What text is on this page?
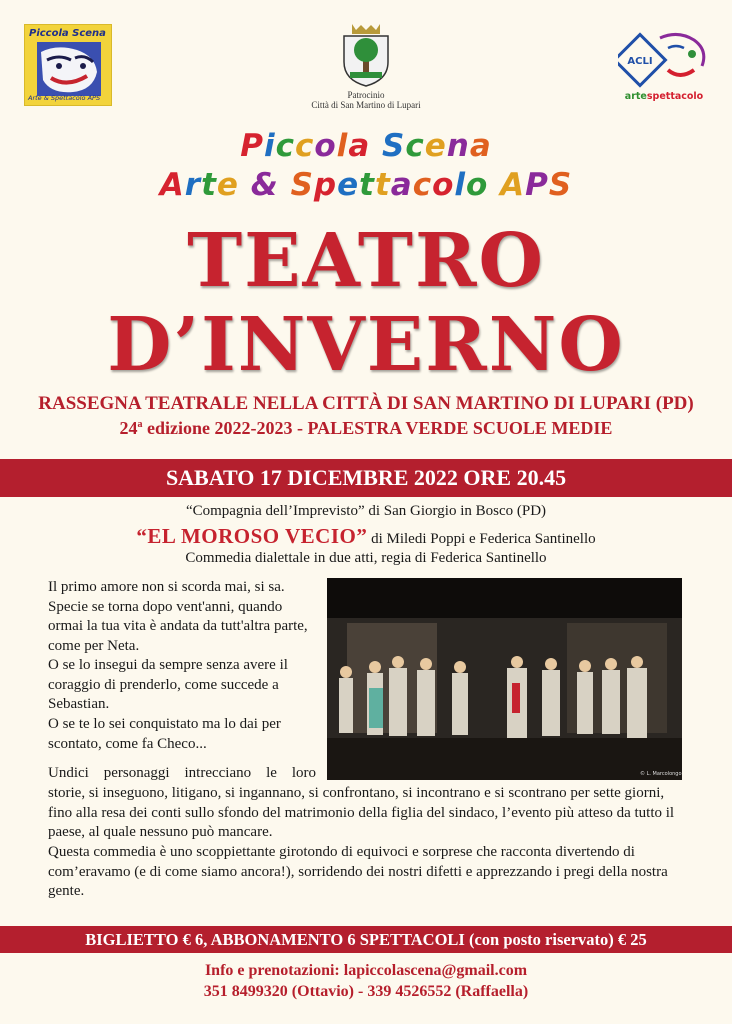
Piccola Scena
Arte & Spettacolo APS	Patrocinio
Città di San Martino di Lupari
ACLI
artespettacolo
Piccola Scena
Arte & Spettacolo APS
TEATRO
D’INVERNO
RASSEGNA TEATRALE NELLA CITTÀ DI SAN MARTINO DI LUPARI (PD)
24$^a$ edizione 2022-2023 - PALESTRA VERDE SCUOLE MEDIE
SABATO 17 DICEMBRE 2022 ORE 20.45
“Compagnia dell’Imprevisto” di San Giorgio in Bosco (PD)
“EL MOROSO VECIO” di Miledi Poppi e Federica Santinello
Commedia dialettale in due atti, regia di Federica Santinello
Il primo amore non si scorda mai, si sa. Specie se torna dopo vent'anni, quando ormai la tua vita è andata da tutt'altra parte, come per Neta.
O se lo insegui da sempre senza avere il coraggio di prenderlo, come succede a Sebastian.
O se te lo sei conquistato ma lo dai per scontato, come fa Checo...
Undici personaggi intrecciano le loro
storie, si inseguono, litigano, si ingannano, si confrontano, si incontrano e si scontrano per sette giorni, fino alla resa dei conti sullo sfondo del matrimonio della figlia del sindaco, l’evento più atteso da tutto il paese, al quale nessuno può mancare.
Questa commedia è uno scoppiettante girotondo di equivoci e sorprese che racconta divertendo di com’eravamo (e di come siamo ancora!), sorridendo dei nostri difetti e apprezzando i pregi della nostra gente.
© L. Marcolongo
BIGLIETTO € 6, ABBONAMENTO 6 SPETTACOLI (con posto riservato) € 25
Info e prenotazioni: lapiccolascena@gmail.com
351 8499320 (Ottavio) - 339 4526552 (Raffaella)
